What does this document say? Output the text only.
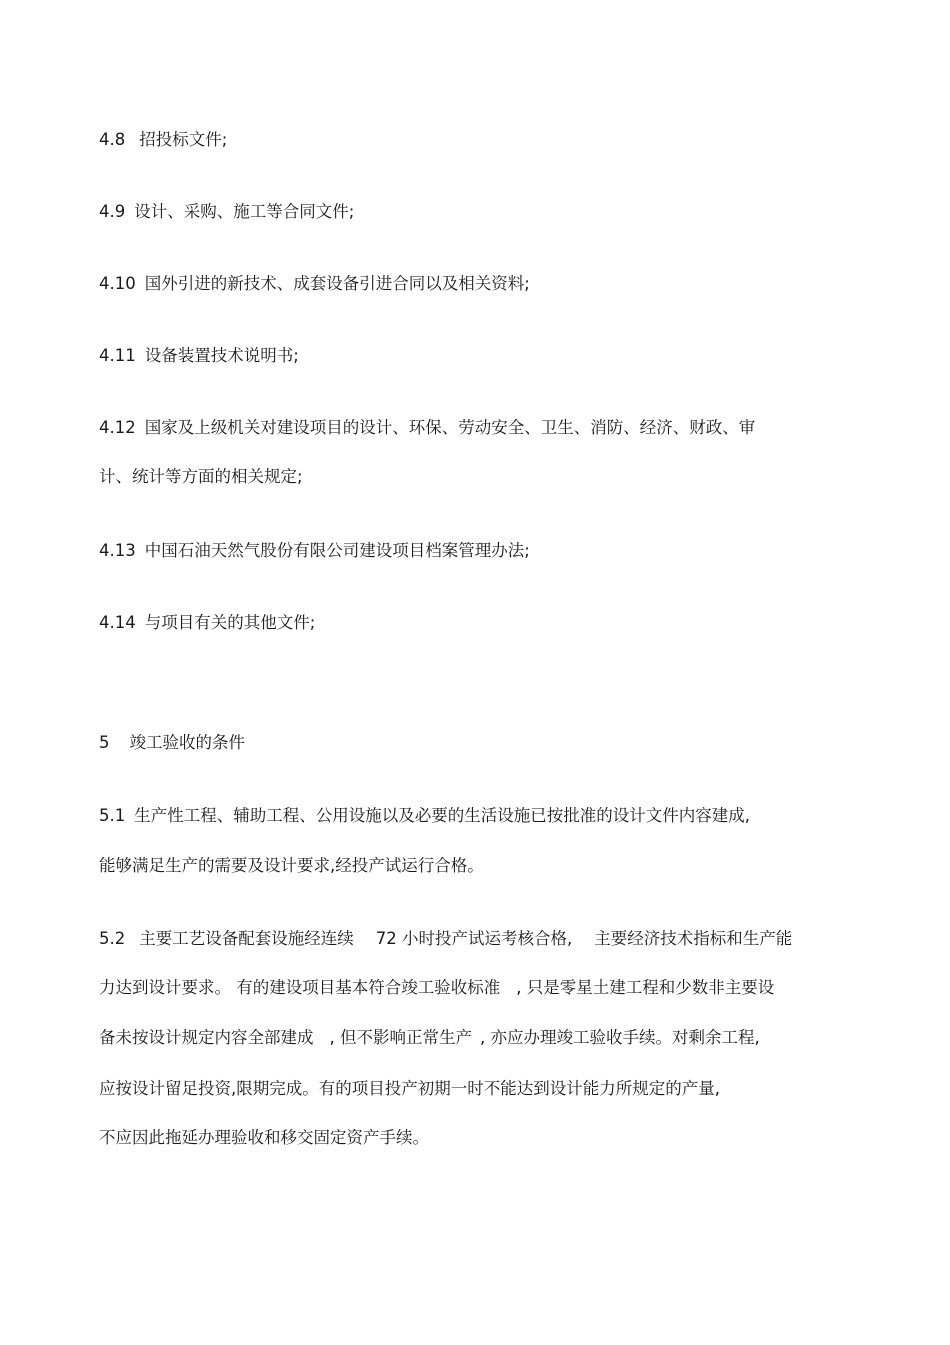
4.8 招投标文件;
4.9 设计、采购、施工等合同文件;
4.10 国外引进的新技术、成套设备引进合同以及相关资料;
4.11 设备装置技术说明书;
4.12 国家及上级机关对建设项目的设计、环保、劳动安全、卫生、消防、经济、财政、审
计、统计等方面的相关规定;
4.13 中国石油天然气股份有限公司建设项目档案管理办法;
4.14 与项目有关的其他文件;
5 竣工验收的条件
5.1 生产性工程、辅助工程、公用设施以及必要的生活设施已按批准的设计文件内容建成,
能够满足生产的需要及设计要求,经投产试运行合格。
5.2 主要工艺设备配套设施经连续 72 小时投产试运考核合格, 主要经济技术指标和生产能
力达到设计要求。 有的建设项目基本符合竣工验收标准 , 只是零星土建工程和少数非主要设
备未按设计规定内容全部建成 , 但不影响正常生产 , 亦应办理竣工验收手续。对剩余工程,
应按设计留足投资,限期完成。有的项目投产初期一时不能达到设计能力所规定的产量,
不应因此拖延办理验收和移交固定资产手续。
